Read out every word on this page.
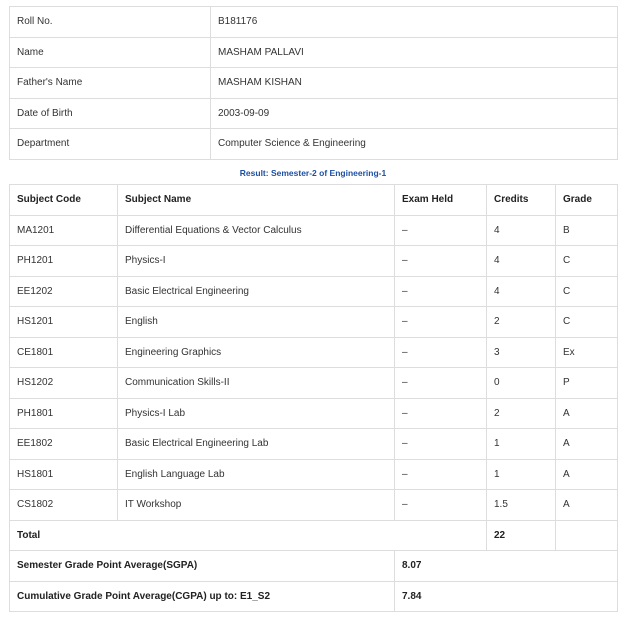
Roll No.	B181176
Name	MASHAM PALLAVI
Father's Name	MASHAM KISHAN
Date of Birth	2003-09-09
Department	Computer Science & Engineering
Result: Semester-2 of Engineering-1
Subject Code	Subject Name	Exam Held	Credits	Grade
MA1201	Differential Equations & Vector Calculus	–	4	B
PH1201	Physics-I	–	4	C
EE1202	Basic Electrical Engineering	–	4	C
HS1201	English	–	2	C
CE1801	Engineering Graphics	–	3	Ex
HS1202	Communication Skills-II	–	0	P
PH1801	Physics-I Lab	–	2	A
EE1802	Basic Electrical Engineering Lab	–	1	A
HS1801	English Language Lab	–	1	A
CS1802	IT Workshop	–	1.5	A
Total			22	
Semester Grade Point Average(SGPA)		8.07		
Cumulative Grade Point Average(CGPA) up to: E1_S2		7.84		
